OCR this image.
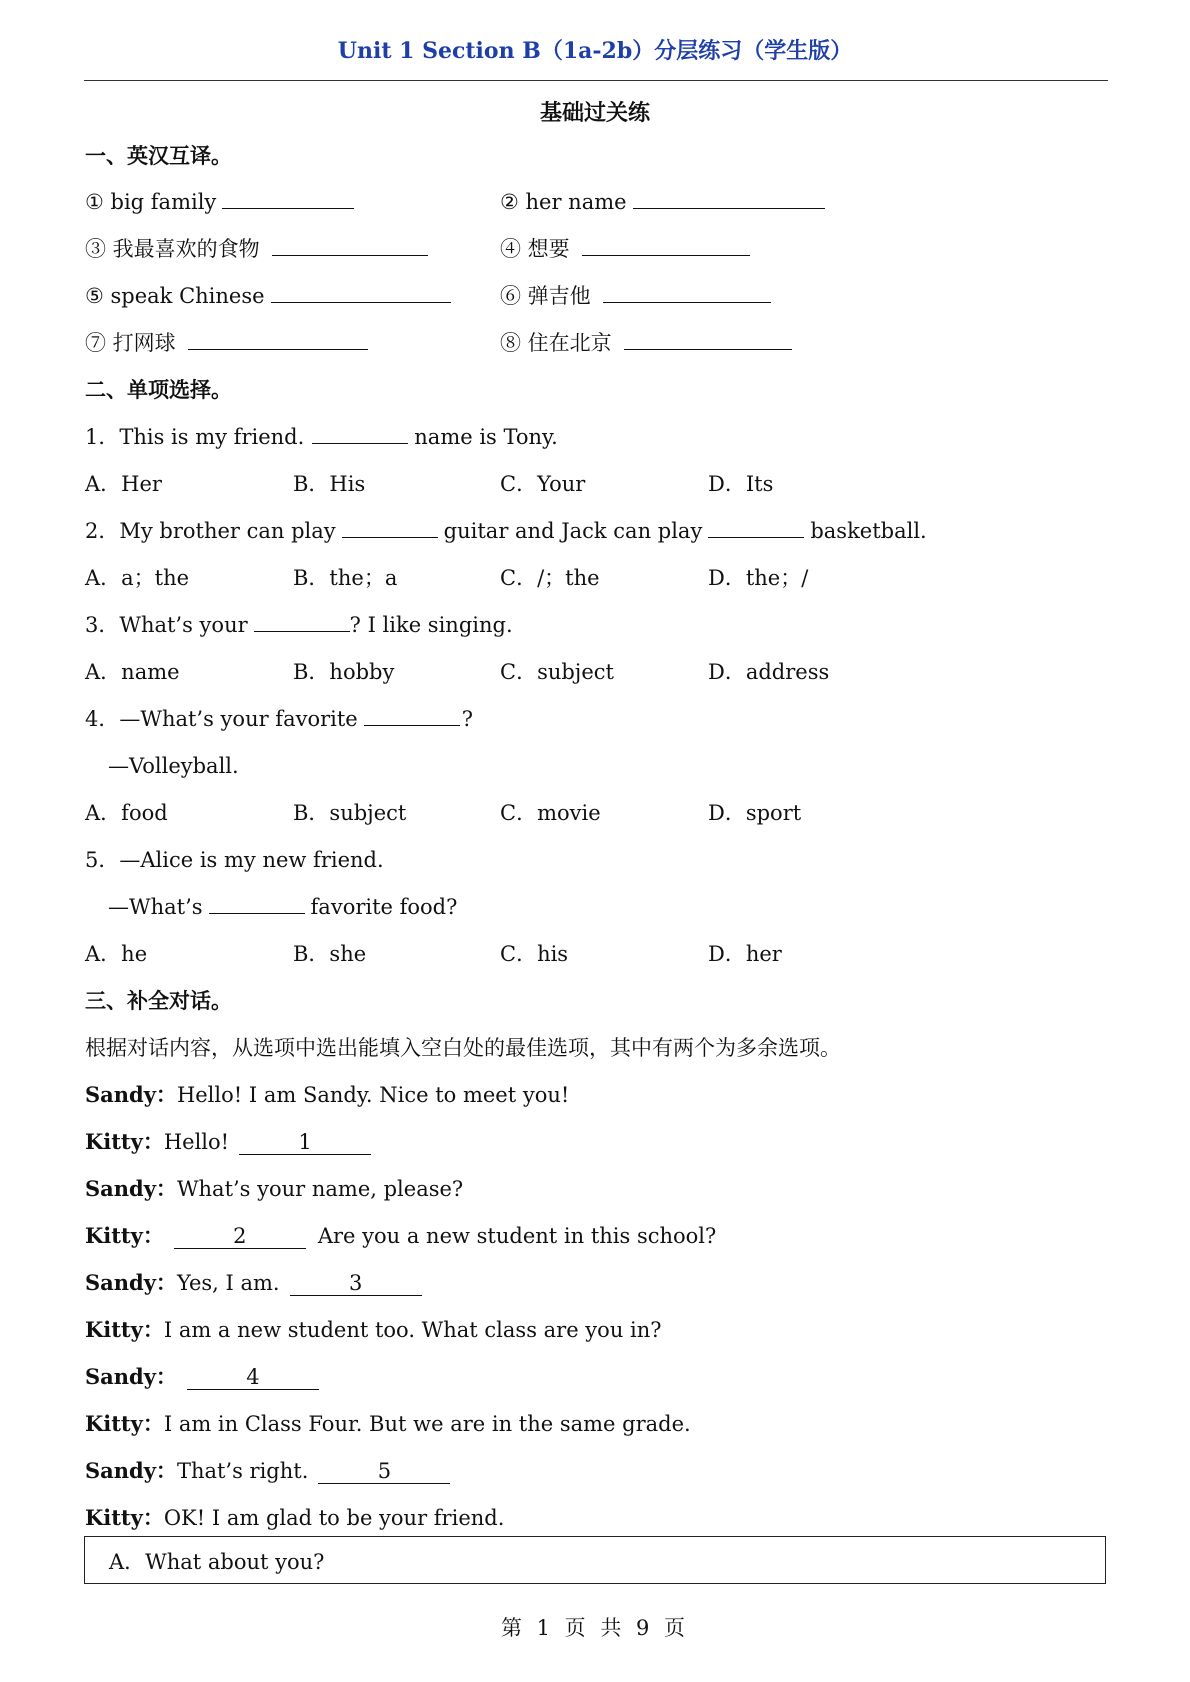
Unit 1 Section B（1a-2b）分层练习（学生版）
基础过关练
一、英汉互译。
① big family	② her name
③ 我最喜欢的食物	④ 想要
⑤ speak Chinese	⑥ 弹吉他
⑦ 打网球	⑧ 住在北京
二、单项选择。
1．This is my friend.	name is Tony.
A．Her	B．His	C．Your	D．Its
2．My brother can play	guitar and Jack can play	basketball.
A．a；the	B．the；a	C．/；the	D．the；/
3．What’s your	? I like singing.
A．name	B．hobby	C．subject	D．address
4．—What’s your favorite	?
—Volleyball.
A．food	B．subject	C．movie	D．sport
5．—Alice is my new friend.
—What’s	favorite food?
A．he	B．she	C．his	D．her
三、补全对话。
根据对话内容，从选项中选出能填入空白处的最佳选项，其中有两个为多余选项。
Sandy：Hello! I am Sandy. Nice to meet you!
Kitty：Hello!	1
Sandy：What’s your name, please?
Kitty：	2	Are you a new student in this school?
Sandy：Yes, I am.	3
Kitty：I am a new student too. What class are you in?
Sandy：	4
Kitty：I am in Class Four. But we are in the same grade.
Sandy：That’s right.	5
Kitty：OK! I am glad to be your friend.
A．What about you?
第 1 页 共 9 页
